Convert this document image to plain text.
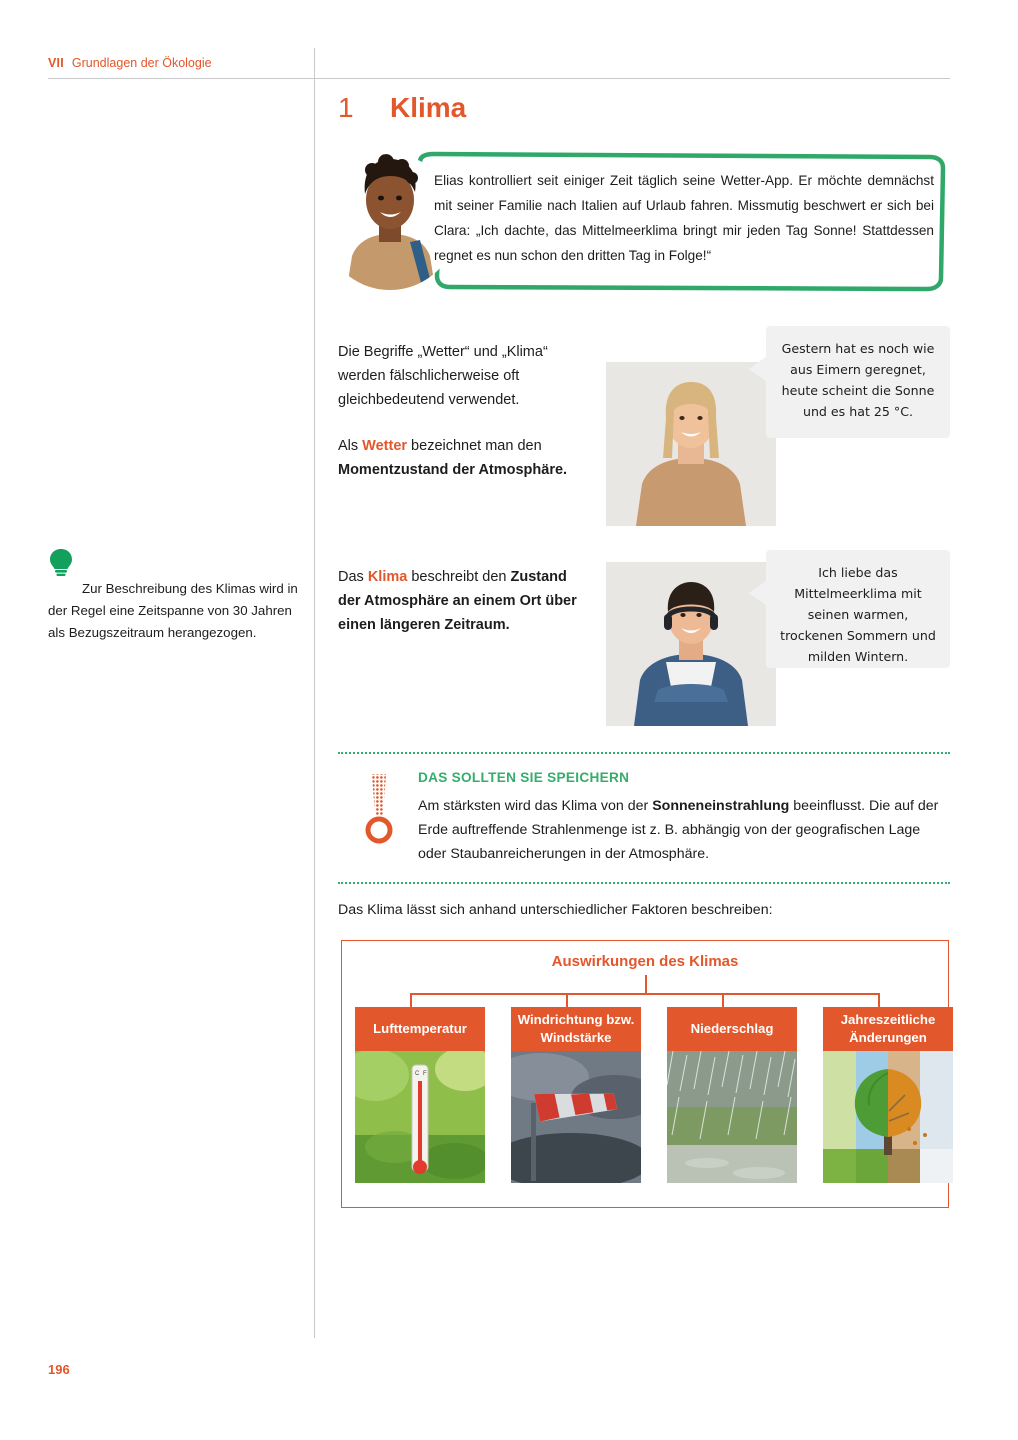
VII Grundlagen der Ökologie
1	Klima
Elias kontrolliert seit einiger Zeit täglich seine Wetter-App. Er möchte demnächst mit seiner Familie nach Italien auf Urlaub fahren. Missmutig beschwert er sich bei Clara: „Ich dachte, das Mittelmeerklima bringt mir jeden Tag Sonne! Stattdessen regnet es nun schon den dritten Tag in Folge!“

Zur Beschreibung des Klimas wird in der Regel eine Zeitspanne von 30 Jahren als Bezugszeitraum herangezogen.

Die Begriffe „Wetter“ und „Klima“ werden fälschlicherweise oft gleichbedeutend verwendet.

Als Wetter bezeichnet man den Momentzustand der Atmosphäre.

Gestern hat es noch wie aus Eimern geregnet, heute scheint die Sonne und es hat 25 °C.

Das Klima beschreibt den Zustand der Atmosphäre an einem Ort über einen längeren Zeitraum.

Ich liebe das Mittelmeerklima mit seinen warmen, trockenen Sommern und milden Wintern.
DAS SOLLTEN SIE SPEICHERN
Am stärksten wird das Klima von der Sonneneinstrahlung beeinflusst. Die auf der Erde auftreffende Strahlenmenge ist z. B. abhängig von der geografischen Lage oder Staubanreicherungen in der Atmosphäre.
Das Klima lässt sich anhand unterschiedlicher Faktoren beschreiben:
Auswirkungen des Klimas
Lufttemperatur
C F
Windrichtung bzw. Windstärke
Niederschlag
Jahreszeitliche Änderungen
196
